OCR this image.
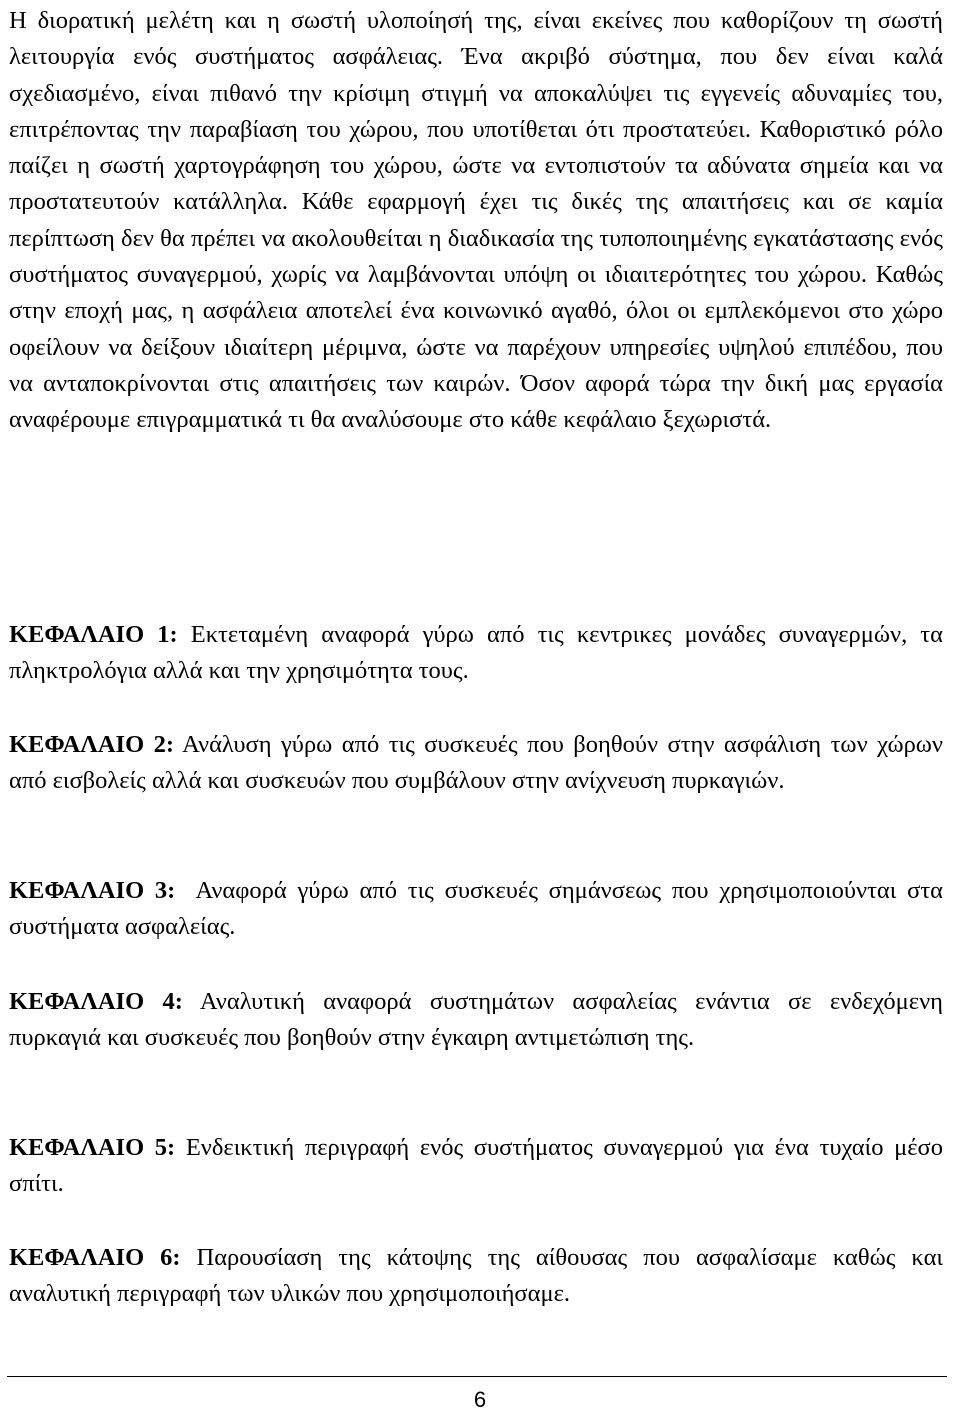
Η διορατική μελέτη και η σωστή υλοποίησή της, είναι εκείνες που καθορίζουν τη σωστή λειτουργία ενός συστήματος ασφάλειας. Ένα ακριβό σύστημα, που δεν είναι καλά σχεδιασμένο, είναι πιθανό την κρίσιμη στιγμή να αποκαλύψει τις εγγενείς αδυναμίες του, επιτρέποντας την παραβίαση του χώρου, που υποτίθεται ότι προστατεύει. Καθοριστικό ρόλο παίζει η σωστή χαρτογράφηση του χώρου, ώστε να εντοπιστούν τα αδύνατα σημεία και να προστατευτούν κατάλληλα. Κάθε εφαρμογή έχει τις δικές της απαιτήσεις και σε καμία περίπτωση δεν θα πρέπει να ακολουθείται η διαδικασία της τυποποιημένης εγκατάστασης ενός συστήματος συναγερμού, χωρίς να λαμβάνονται υπόψη οι ιδιαιτερότητες του χώρου. Καθώς στην εποχή μας, η ασφάλεια αποτελεί ένα κοινωνικό αγαθό, όλοι οι εμπλεκόμενοι στο χώρο οφείλουν να δείξουν ιδιαίτερη μέριμνα, ώστε να παρέχουν υπηρεσίες υψηλού επιπέδου, που να ανταποκρίνονται στις απαιτήσεις των καιρών. Όσον αφορά τώρα την δική μας εργασία αναφέρουμε επιγραμματικά τι θα αναλύσουμε στο κάθε κεφάλαιο ξεχωριστά.

ΚΕΦΑΛΑΙΟ 1: Εκτεταμένη αναφορά γύρω από τις κεντρικες μονάδες συναγερμών, τα πληκτρολόγια αλλά και την χρησιμότητα τους.

ΚΕΦΑΛΑΙΟ 2: Ανάλυση γύρω από τις συσκευές που βοηθούν στην ασφάλιση των χώρων από εισβολείς αλλά και συσκευών που συμβάλουν στην ανίχνευση πυρκαγιών.

ΚΕΦΑΛΑΙΟ 3:  Αναφορά γύρω από τις συσκευές σημάνσεως που χρησιμοποιούνται στα συστήματα ασφαλείας.

ΚΕΦΑΛΑΙΟ 4: Αναλυτική αναφορά συστημάτων ασφαλείας ενάντια σε ενδεχόμενη πυρκαγιά και συσκευές που βοηθούν στην έγκαιρη αντιμετώπιση της.

ΚΕΦΑΛΑΙΟ 5: Ενδεικτική περιγραφή ενός συστήματος συναγερμού για ένα τυχαίο μέσο σπίτι.

ΚΕΦΑΛΑΙΟ 6: Παρουσίαση της κάτοψης της αίθουσας που ασφαλίσαμε καθώς και αναλυτική περιγραφή των υλικών που χρησιμοποιήσαμε.

6
